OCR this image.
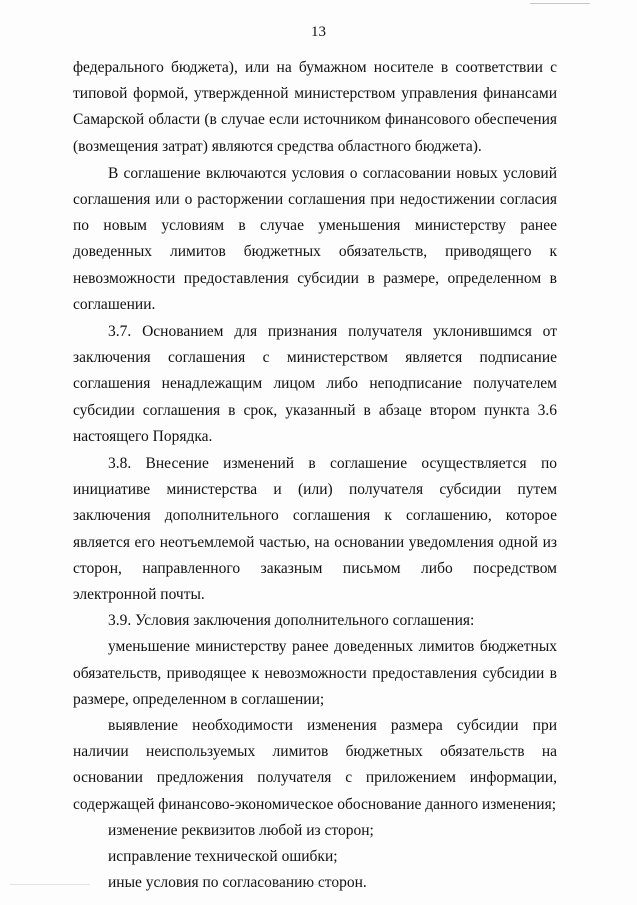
13

федерального бюджета), или на бумажном носителе в соответствии с типовой формой, утвержденной министерством управления финансами Самарской области (в случае если источником финансового обеспечения (возмещения затрат) являются средства областного бюджета).

В соглашение включаются условия о согласовании новых условий соглашения или о расторжении соглашения при недостижении согласия по новым условиям в случае уменьшения министерству ранее доведенных лимитов бюджетных обязательств, приводящего к невозможности предоставления субсидии в размере, определенном в соглашении.

3.7. Основанием для признания получателя уклонившимся от заключения соглашения с министерством является подписание соглашения ненадлежащим лицом либо неподписание получателем субсидии соглашения в срок, указанный в абзаце втором пункта 3.6 настоящего Порядка.

3.8. Внесение изменений в соглашение осуществляется по инициативе министерства и (или) получателя субсидии путем заключения дополнительного соглашения к соглашению, которое является его неотъемлемой частью, на основании уведомления одной из сторон, направленного заказным письмом либо посредством электронной почты.

3.9. Условия заключения дополнительного соглашения:

уменьшение министерству ранее доведенных лимитов бюджетных обязательств, приводящее к невозможности предоставления субсидии в размере, определенном в соглашении;

выявление необходимости изменения размера субсидии при наличии неиспользуемых лимитов бюджетных обязательств на основании предложения получателя с приложением информации, содержащей финансово-экономическое обоснование данного изменения;

изменение реквизитов любой из сторон;

исправление технической ошибки;

иные условия по согласованию сторон.
